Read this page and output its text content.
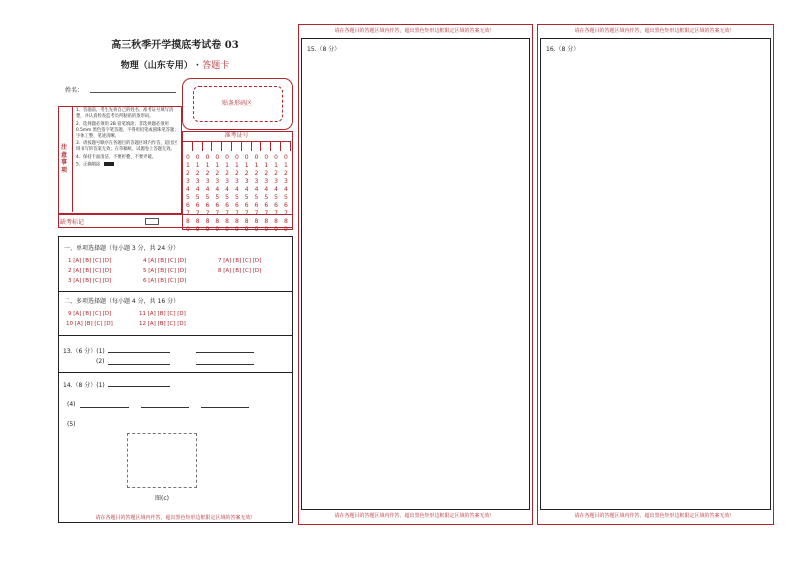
高三秋季开学摸底考试卷 03
物理（山东专用） · 答题卡
姓名：
贴条形码区
注意事项
1．答题前，考生先将自己的姓名、准考证号填写清楚，并认真检查监考员所粘贴的条形码。
2．选择题必须用 2B 铅笔填涂；非选择题必须用 0.5mm 黑色签字笔答题，不得用铅笔或圆珠笔答题；字体工整、笔迹清晰。
3．请按题号顺序在各题目的答题区域内作答，超出区域书写的答案无效；在草稿纸、试题卷上答题无效。
4．保持卡面清洁，不要折叠、不要弄破。
5．正确填涂
缺考标记
准考证号
0
1
2
3
4
5
6
7
8
9
0
1
2
3
4
5
6
7
8
9
0
1
2
3
4
5
6
7
8
9
0
1
2
3
4
5
6
7
8
9
0
1
2
3
4
5
6
7
8
9
0
1
2
3
4
5
6
7
8
9
0
1
2
3
4
5
6
7
8
9
0
1
2
3
4
5
6
7
8
9
0
1
2
3
4
5
6
7
8
9
0
1
2
3
4
5
6
7
8
9
0
1
2
3
4
5
6
7
8
9
一、单项选择题（每小题 3 分，共 24 分）
1 [A] [B] [C] [D]
2 [A] [B] [C] [D]
3 [A] [B] [C] [D]
4 [A] [B] [C] [D]
5 [A] [B] [C] [D]
6 [A] [B] [C] [D]
7 [A] [B] [C] [D]
8 [A] [B] [C] [D]
二、多项选择题（每小题 4 分，共 16 分）
9 [A] [B] [C] [D]
10 [A] [B] [C] [D]
11 [A] [B] [C] [D]
12 [A] [B] [C] [D]
13.（6 分）(1)
(2)
14.（8 分）(1)
(4)
(5)
图(c)
请在各题目的答题区域内作答，超出黑色矩形边框限定区域的答案无效！
请在各题目的答题区域内作答，超出黑色矩形边框限定区域的答案无效！
15.（8 分）
请在各题目的答题区域内作答，超出黑色矩形边框限定区域的答案无效！
请在各题目的答题区域内作答，超出黑色矩形边框限定区域的答案无效！
16.（8 分）
请在各题目的答题区域内作答，超出黑色矩形边框限定区域的答案无效！
